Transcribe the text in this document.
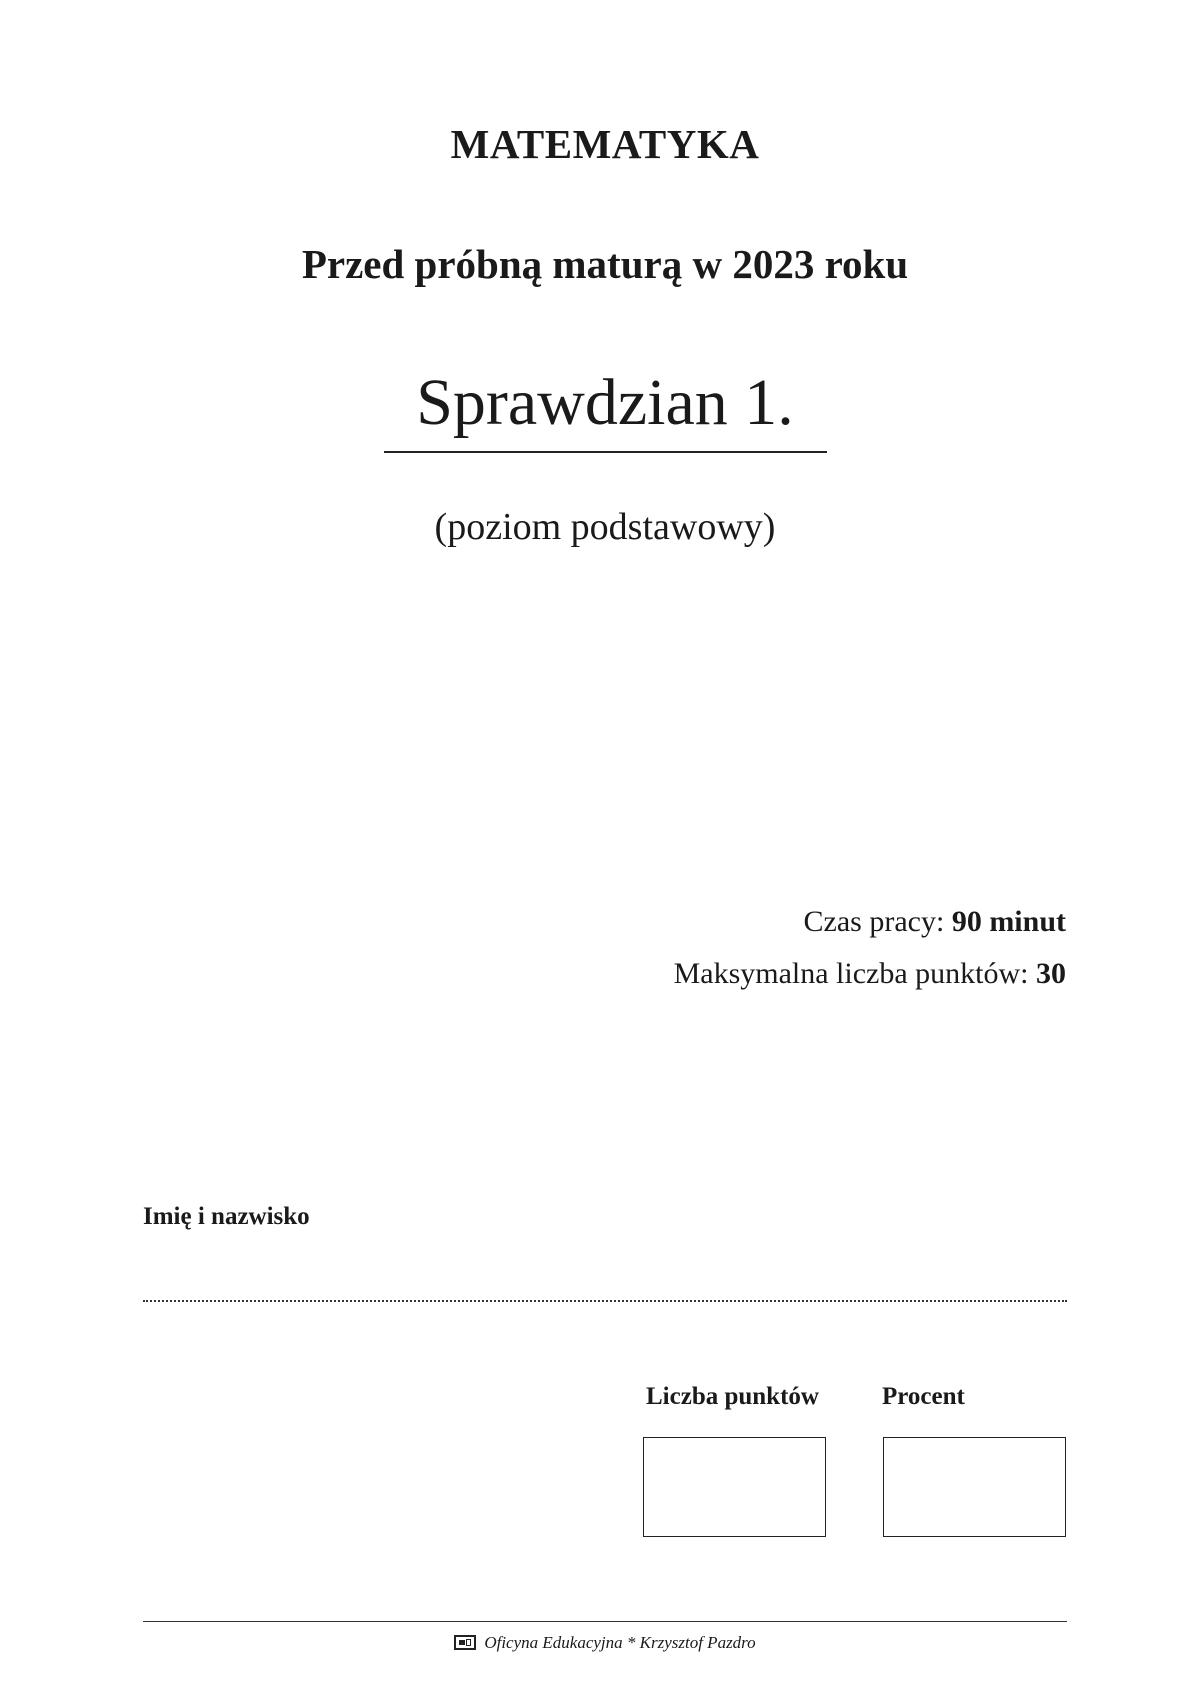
MATEMATYKA
Przed próbną maturą w 2023 roku
Sprawdzian 1.
(poziom podstawowy)
Czas pracy: 90 minut
Maksymalna liczba punktów: 30
Imię i nazwisko
Liczba punktów	Procent
Oficyna Edukacyjna * Krzysztof Pazdro
